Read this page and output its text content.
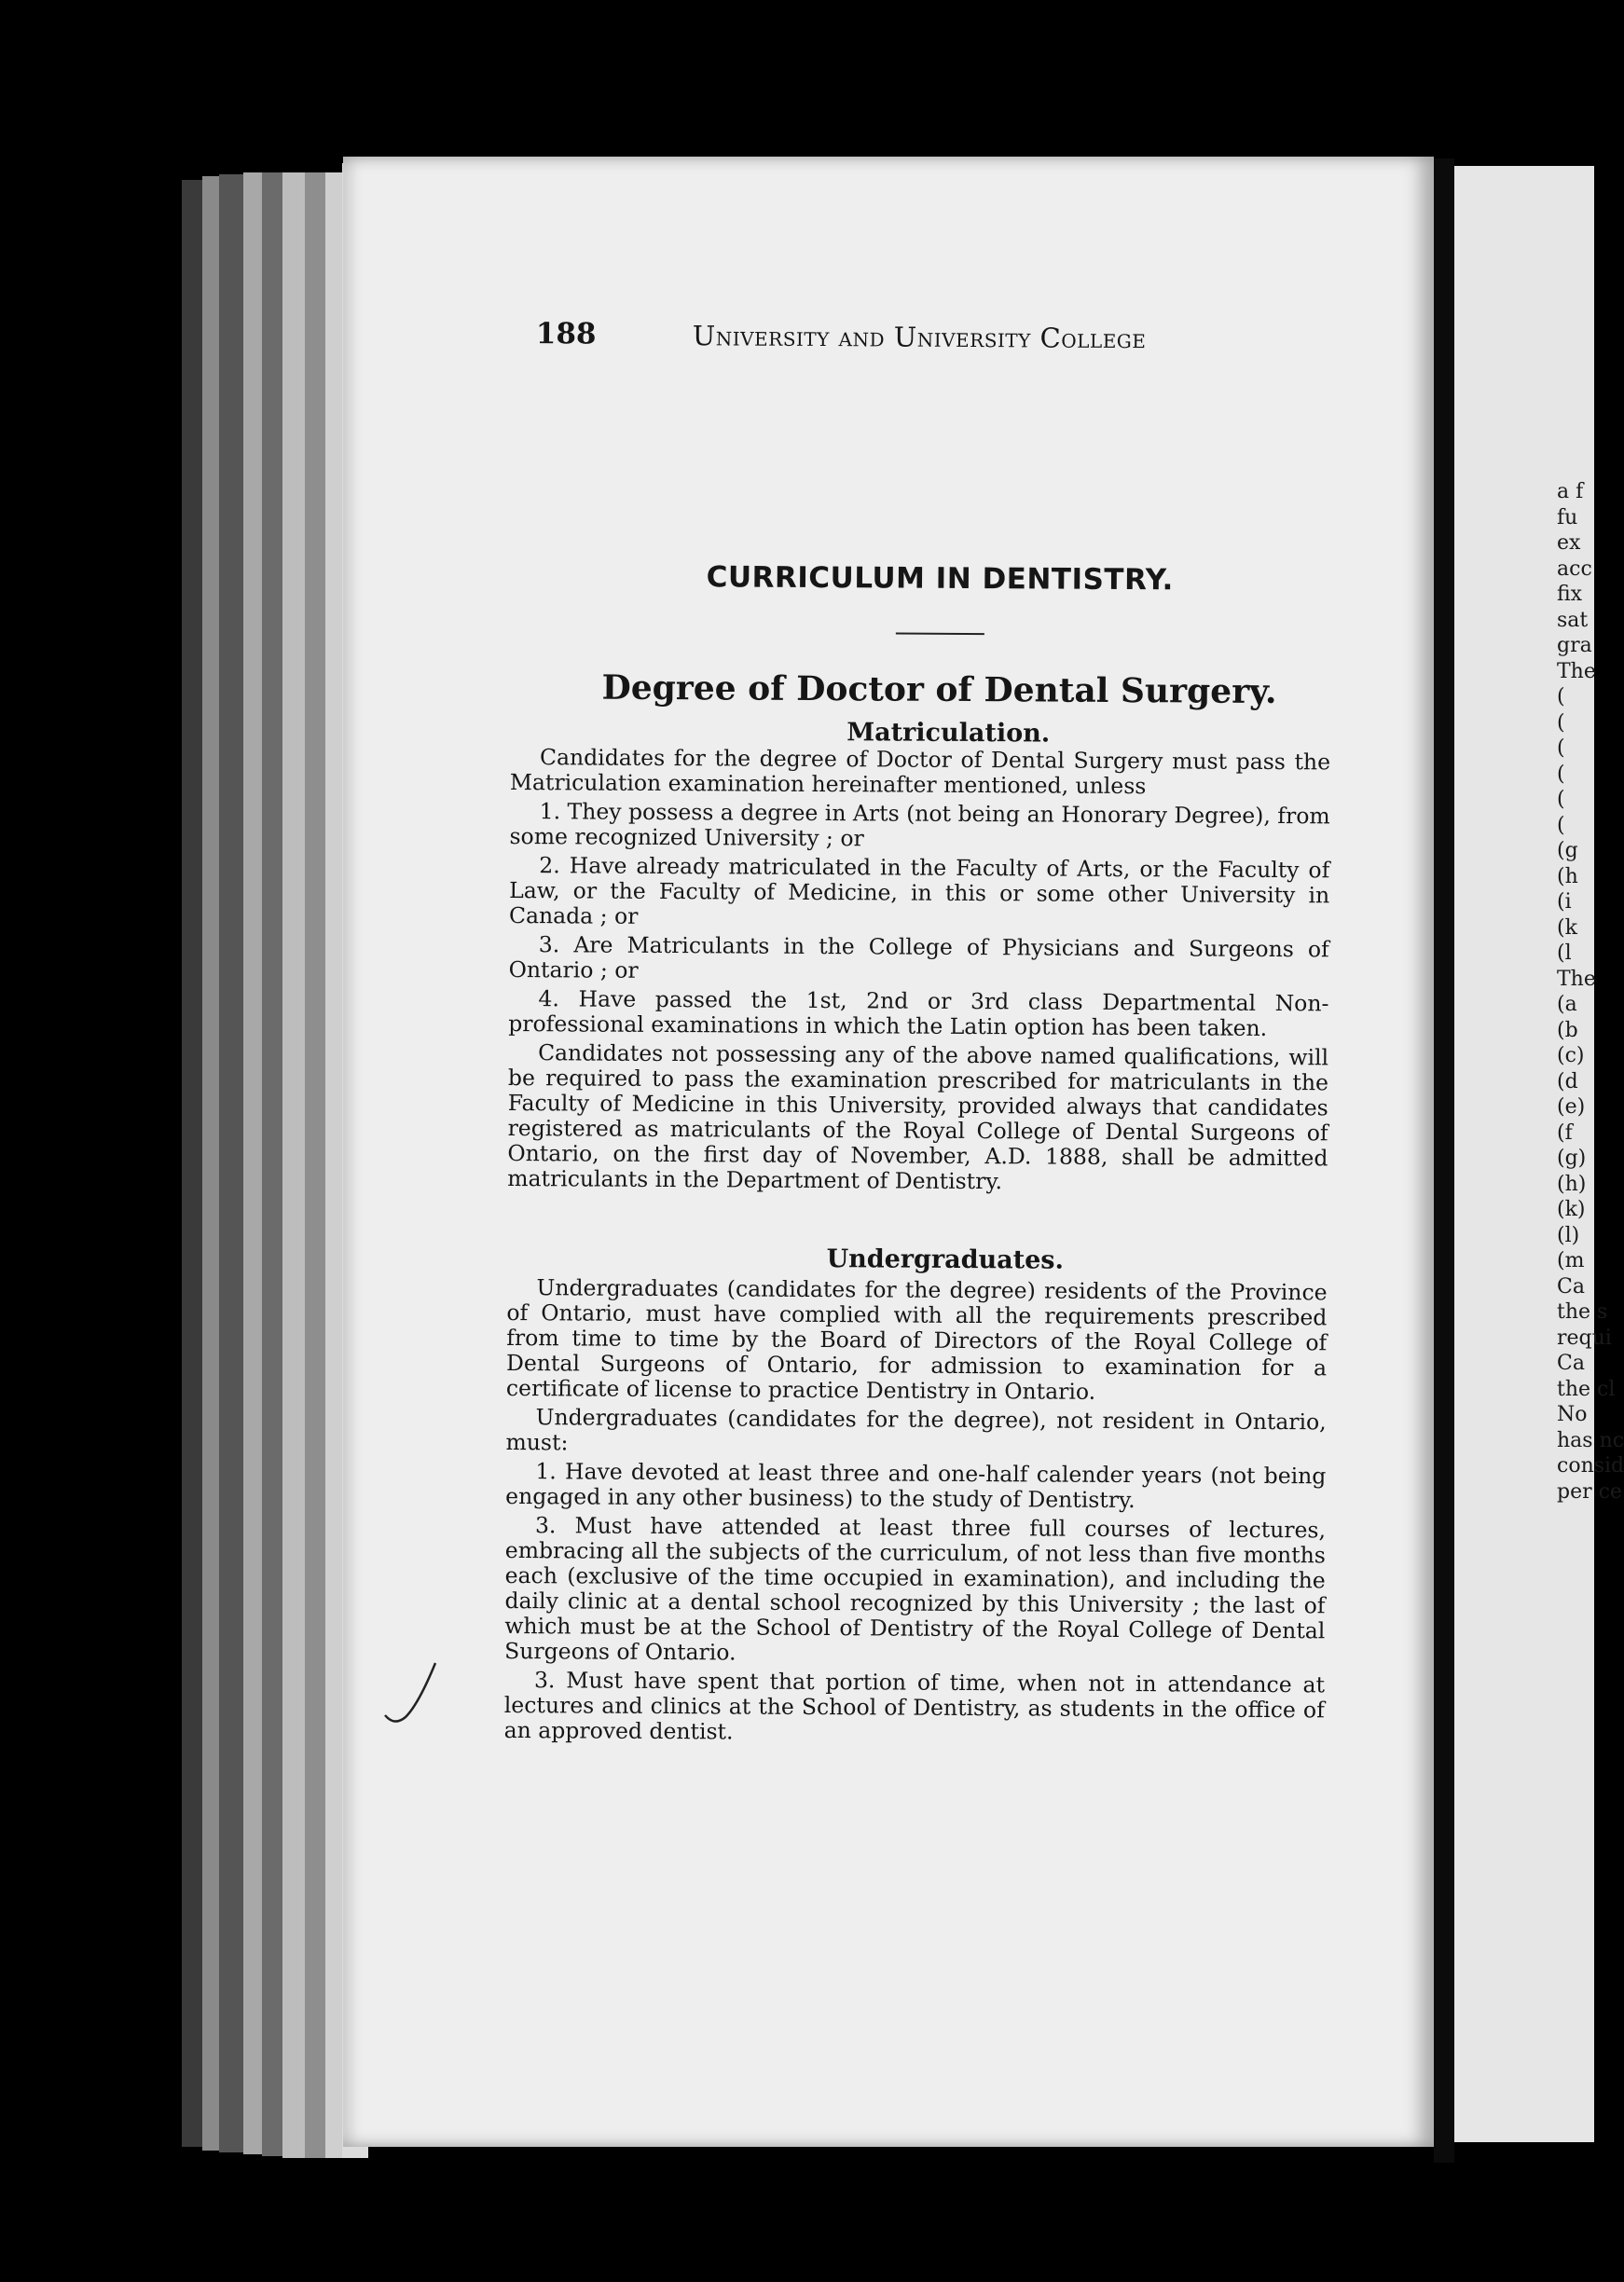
a f
fu
ex
acc
fix
sat
gra
The
(
(
(
(
(
(
(g
(h
(i
(k
(l
The
(a
(b
(c)
(d
(e)
(f
(g)
(h)
(k)
(l)
(m
Ca
the s
requi
Ca
the cl
No
has nc
consid
per ce
188	University and University College
CURRICULUM IN DENTISTRY.
Degree of Doctor of Dental Surgery.
Matriculation.

Candidates for the degree of Doctor of Dental Surgery must pass the Matriculation examination hereinafter mentioned, unless

1. They possess a degree in Arts (not being an Honorary Degree), from some recognized University ; or

2. Have already matriculated in the Faculty of Arts, or the Faculty of Law, or the Faculty of Medicine, in this or some other University in Canada ; or

3. Are Matriculants in the College of Physicians and Surgeons of Ontario ; or

4. Have passed the 1st, 2nd or 3rd class Departmental Non-professional examinations in which the Latin option has been taken.

Candidates not possessing any of the above named qualifications, will be required to pass the examination prescribed for matriculants in the Faculty of Medicine in this University, provided always that candidates registered as matriculants of the Royal College of Dental Surgeons of Ontario, on the first day of November, A.D. 1888, shall be admitted matriculants in the Department of Dentistry.

Undergraduates.

Undergraduates (candidates for the degree) residents of the Province of Ontario, must have complied with all the requirements prescribed from time to time by the Board of Directors of the Royal College of Dental Surgeons of Ontario, for admission to examination for a certificate of license to practice Dentistry in Ontario.

Undergraduates (candidates for the degree), not resident in Ontario, must:

1. Have devoted at least three and one-half calender years (not being engaged in any other business) to the study of Dentistry.

3. Must have attended at least three full courses of lectures, embracing all the subjects of the curriculum, of not less than five months each (exclusive of the time occupied in examination), and including the daily clinic at a dental school recognized by this University ; the last of which must be at the School of Dentistry of the Royal College of Dental Surgeons of Ontario.

3. Must have spent that portion of time, when not in attendance at lectures and clinics at the School of Dentistry, as students in the office of an approved dentist.
